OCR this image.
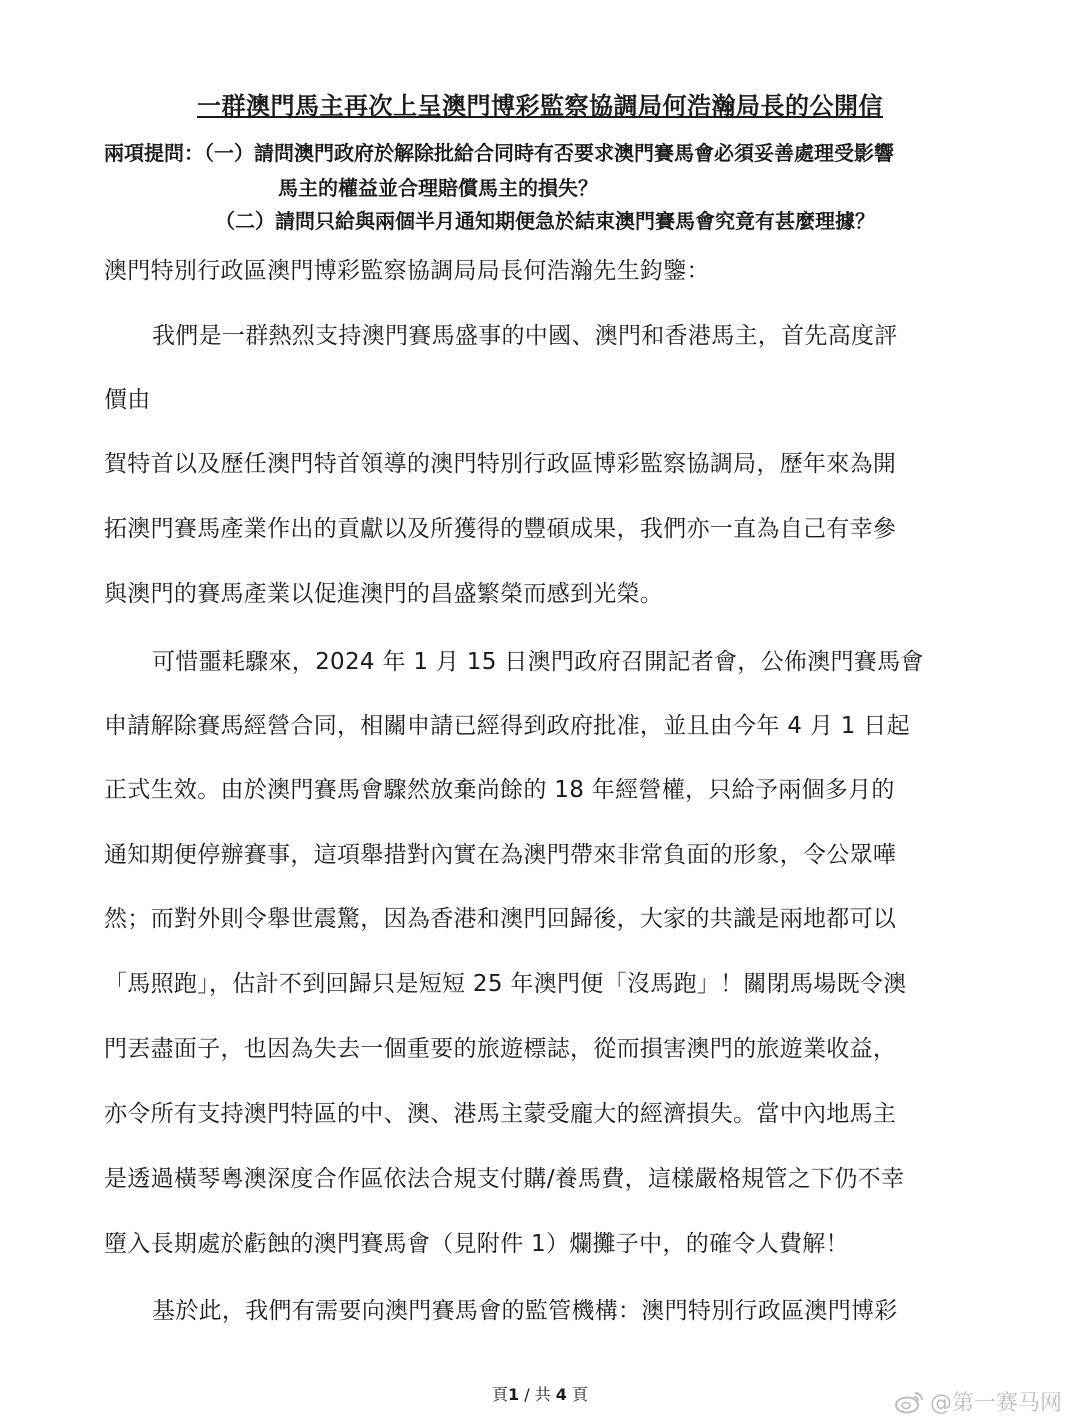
一群澳門馬主再次上呈澳門博彩監察協調局何浩瀚局長的公開信
兩項提問：（一）請問澳門政府於解除批給合同時有否要求澳門賽馬會必須妥善處理受影響
馬主的權益並合理賠償馬主的損失？
（二）請問只給與兩個半月通知期便急於結束澳門賽馬會究竟有甚麼理據？
澳門特別行政區澳門博彩監察協調局局長何浩瀚先生鈞鑒：
我們是一群熱烈支持澳門賽馬盛事的中國、澳門和香港馬主，首先高度評
價由
賀特首以及歷任澳門特首領導的澳門特別行政區博彩監察協調局，歷年來為開
拓澳門賽馬產業作出的貢獻以及所獲得的豐碩成果，我們亦一直為自己有幸參
與澳門的賽馬產業以促進澳門的昌盛繁榮而感到光榮。
可惜噩耗驟來，2024 年 1 月 15 日澳門政府召開記者會，公佈澳門賽馬會
申請解除賽馬經營合同，相關申請已經得到政府批准，並且由今年 4 月 1 日起
正式生效。由於澳門賽馬會驟然放棄尚餘的 18 年經營權，只給予兩個多月的
通知期便停辦賽事，這項舉措對內實在為澳門帶來非常負面的形象，令公眾嘩
然；而對外則令舉世震驚，因為香港和澳門回歸後，大家的共識是兩地都可以
「馬照跑」，估計不到回歸只是短短 25 年澳門便「沒馬跑」！關閉馬場既令澳
門丟盡面子，也因為失去一個重要的旅遊標誌，從而損害澳門的旅遊業收益，
亦令所有支持澳門特區的中、澳、港馬主蒙受龐大的經濟損失。當中內地馬主
是透過橫琴粵澳深度合作區依法合規支付購/養馬費，這樣嚴格規管之下仍不幸
墮入長期處於虧蝕的澳門賽馬會（見附件 1）爛攤子中，的確令人費解！
基於此，我們有需要向澳門賽馬會的監管機構：澳門特別行政區澳門博彩
頁1 / 共 4 頁	@第一赛马网
